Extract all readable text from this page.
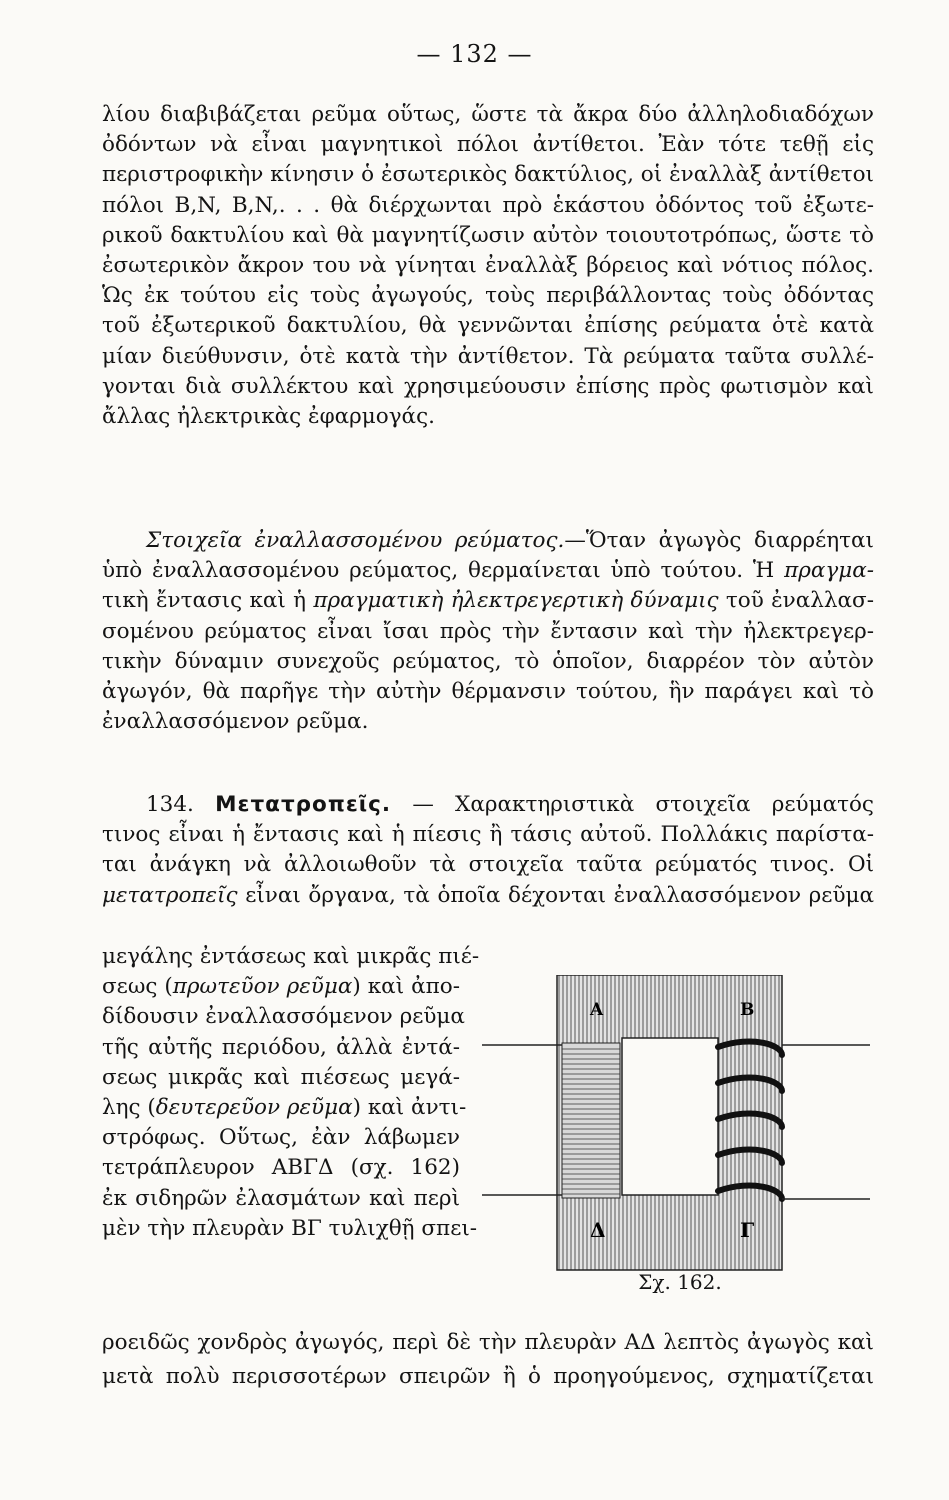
— 132 —
λίου διαβιβάζεται ρεῦμα οὕτως, ὥστε τὰ ἄκρα δύο ἀλληλοδιαδόχων
ὀδόντων νὰ εἶναι μαγνητικοὶ πόλοι ἀντίθετοι. Ἐὰν τότε τεθῇ εἰς
περιστροφικὴν κίνησιν ὁ ἐσωτερικὸς δακτύλιος, οἱ ἐναλλὰξ ἀντίθετοι
πόλοι B,N, B,N,. . . θὰ διέρχωνται πρὸ ἑκάστου ὀδόντος τοῦ ἐξωτε-
ρικοῦ δακτυλίου καὶ θὰ μαγνητίζωσιν αὐτὸν τοιουτοτρόπως, ὥστε τὸ
ἐσωτερικὸν ἄκρον του νὰ γίνηται ἐναλλὰξ βόρειος καὶ νότιος πόλος.
Ὡς ἐκ τούτου εἰς τοὺς ἀγωγούς, τοὺς περιβάλλοντας τοὺς ὀδόντας
τοῦ ἐξωτερικοῦ δακτυλίου, θὰ γεννῶνται ἐπίσης ρεύματα ὁτὲ κατὰ
μίαν διεύθυνσιν, ὁτὲ κατὰ τὴν ἀντίθετον. Τὰ ρεύματα ταῦτα συλλέ-
γονται διὰ συλλέκτου καὶ χρησιμεύουσιν ἐπίσης πρὸς φωτισμὸν καὶ
ἄλλας ἠλεκτρικὰς ἐφαρμογάς.
Στοιχεῖα ἐναλλασσομένου ρεύματος.—Ὅταν ἀγωγὸς διαρρέηται
ὑπὸ ἐναλλασσομένου ρεύματος, θερμαίνεται ὑπὸ τούτου. Ἡ πραγμα-
τικὴ ἔντασις καὶ ἡ πραγματικὴ ἠλεκτρεγερτικὴ δύναμις τοῦ ἐναλλασ-
σομένου ρεύματος εἶναι ἴσαι πρὸς τὴν ἔντασιν καὶ τὴν ἠλεκτρεγερ-
τικὴν δύναμιν συνεχοῦς ρεύματος, τὸ ὁποῖον, διαρρέον τὸν αὐτὸν
ἀγωγόν, θὰ παρῆγε τὴν αὐτὴν θέρμανσιν τούτου, ἣν παράγει καὶ τὸ
ἐναλλασσόμενον ρεῦμα.
134. Μετατροπεῖς. — Χαρακτηριστικὰ στοιχεῖα ρεύματός
τινος εἶναι ἡ ἔντασις καὶ ἡ πίεσις ἢ τάσις αὐτοῦ. Πολλάκις παρίστα-
ται ἀνάγκη νὰ ἀλλοιωθοῦν τὰ στοιχεῖα ταῦτα ρεύματός τινος. Οἱ
μετατροπεῖς εἶναι ὄργανα, τὰ ὁποῖα δέχονται ἐναλλασσόμενον ρεῦμα
μεγάλης ἐντάσεως καὶ μικρᾶς πιέ-
σεως (πρωτεῦον ρεῦμα) καὶ ἀπο-
δίδουσιν ἐναλλασσόμενον ρεῦμα
τῆς αὐτῆς περιόδου, ἀλλὰ ἐντά-
σεως μικρᾶς καὶ πιέσεως μεγά-
λης (δευτερεῦον ρεῦμα) καὶ ἀντι-
στρόφως. Οὕτως, ἐὰν λάβωμεν
τετράπλευρον ΑΒΓΔ (σχ. 162)
ἐκ σιδηρῶν ἐλασμάτων καὶ περὶ
μὲν τὴν πλευρὰν ΒΓ τυλιχθῇ σπει-
Α	Β
Δ	Γ
Σχ. 162.
ροειδῶς χονδρὸς ἀγωγός, περὶ δὲ τὴν πλευρὰν ΑΔ λεπτὸς ἀγωγὸς καὶ
μετὰ πολὺ περισσοτέρων σπειρῶν ἢ ὁ προηγούμενος, σχηματίζεται
